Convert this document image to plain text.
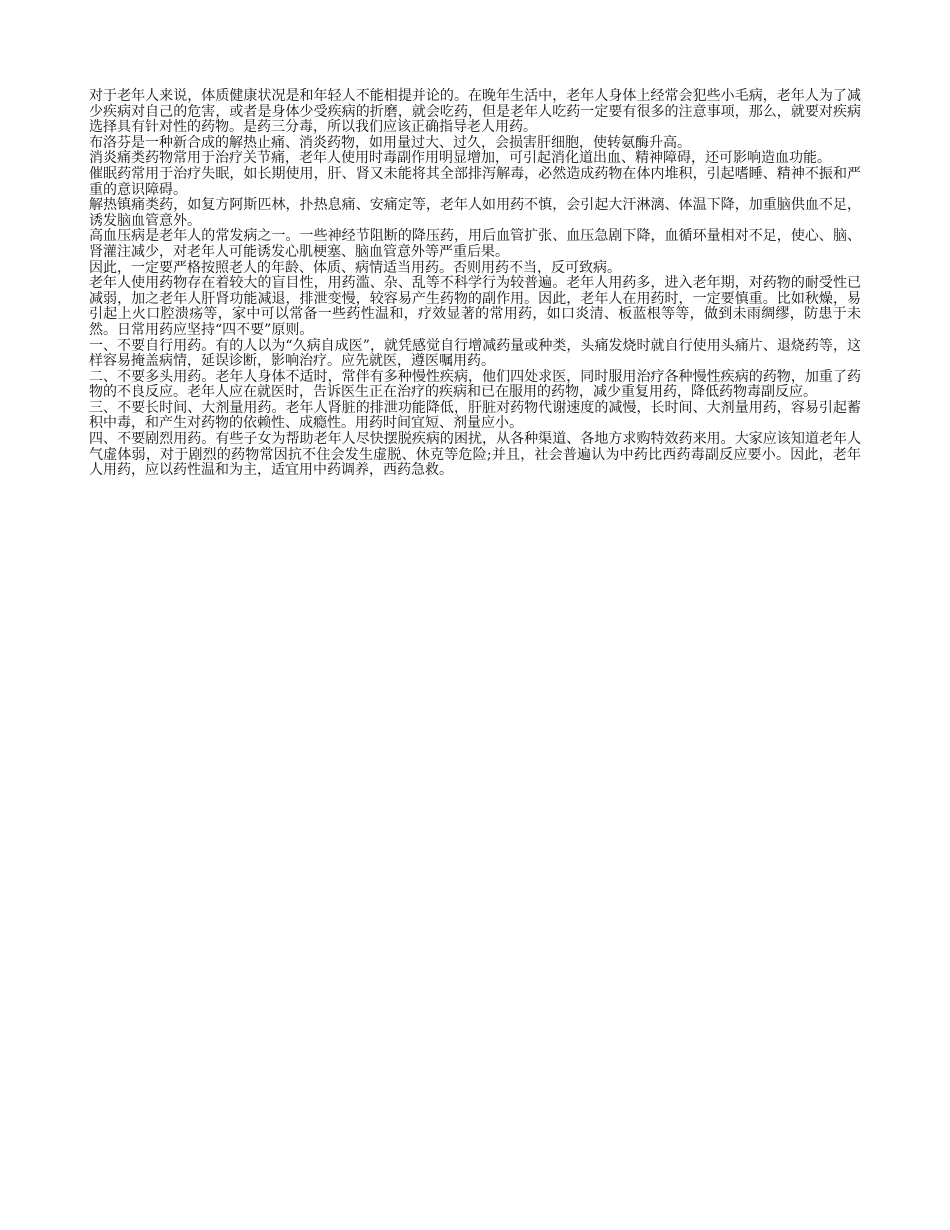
对于老年人来说，体质健康状况是和年轻人不能相提并论的。在晚年生活中，老年人身体上经常会犯些小毛病，老年人为了减少疾病对自己的危害，或者是身体少受疾病的折磨，就会吃药，但是老年人吃药一定要有很多的注意事项，那么，就要对疾病选择具有针对性的药物。是药三分毒，所以我们应该正确指导老人用药。

布洛芬是一种新合成的解热止痛、消炎药物，如用量过大、过久，会损害肝细胞，使转氨酶升高。

消炎痛类药物常用于治疗关节痛，老年人使用时毒副作用明显增加，可引起消化道出血、精神障碍，还可影响造血功能。

催眠药常用于治疗失眠，如长期使用，肝、肾又未能将其全部排泻解毒，必然造成药物在体内堆积，引起嗜睡、精神不振和严重的意识障碍。

解热镇痛类药，如复方阿斯匹林，扑热息痛、安痛定等，老年人如用药不慎，会引起大汗淋漓、体温下降，加重脑供血不足，诱发脑血管意外。

高血压病是老年人的常发病之一。一些神经节阻断的降压药，用后血管扩张、血压急剧下降，血循环量相对不足，使心、脑、肾灌注减少，对老年人可能诱发心肌梗塞、脑血管意外等严重后果。

因此，一定要严格按照老人的年龄、体质、病情适当用药。否则用药不当，反可致病。

老年人使用药物存在着较大的盲目性，用药滥、杂、乱等不科学行为较普遍。老年人用药多，进入老年期，对药物的耐受性已减弱，加之老年人肝肾功能减退，排泄变慢，较容易产生药物的副作用。因此，老年人在用药时，一定要慎重。比如秋燥，易引起上火口腔溃疡等，家中可以常备一些药性温和，疗效显著的常用药，如口炎清、板蓝根等等，做到未雨绸缪，防患于未然。日常用药应坚持“四不要”原则。

一、不要自行用药。有的人以为“久病自成医”，就凭感觉自行增减药量或种类，头痛发烧时就自行使用头痛片、退烧药等，这样容易掩盖病情，延误诊断，影响治疗。应先就医，遵医嘱用药。

二、不要多头用药。老年人身体不适时，常伴有多种慢性疾病，他们四处求医，同时服用治疗各种慢性疾病的药物，加重了药物的不良反应。老年人应在就医时，告诉医生正在治疗的疾病和已在服用的药物，减少重复用药，降低药物毒副反应。

三、不要长时间、大剂量用药。老年人肾脏的排泄功能降低，肝脏对药物代谢速度的减慢，长时间、大剂量用药，容易引起蓄积中毒，和产生对药物的依赖性、成瘾性。用药时间宜短、剂量应小。

四、不要剧烈用药。有些子女为帮助老年人尽快摆脱疾病的困扰，从各种渠道、各地方求购特效药来用。大家应该知道老年人气虚体弱，对于剧烈的药物常因抗不住会发生虚脱、休克等危险;并且，社会普遍认为中药比西药毒副反应要小。因此，老年人用药，应以药性温和为主，适宜用中药调养，西药急救。
